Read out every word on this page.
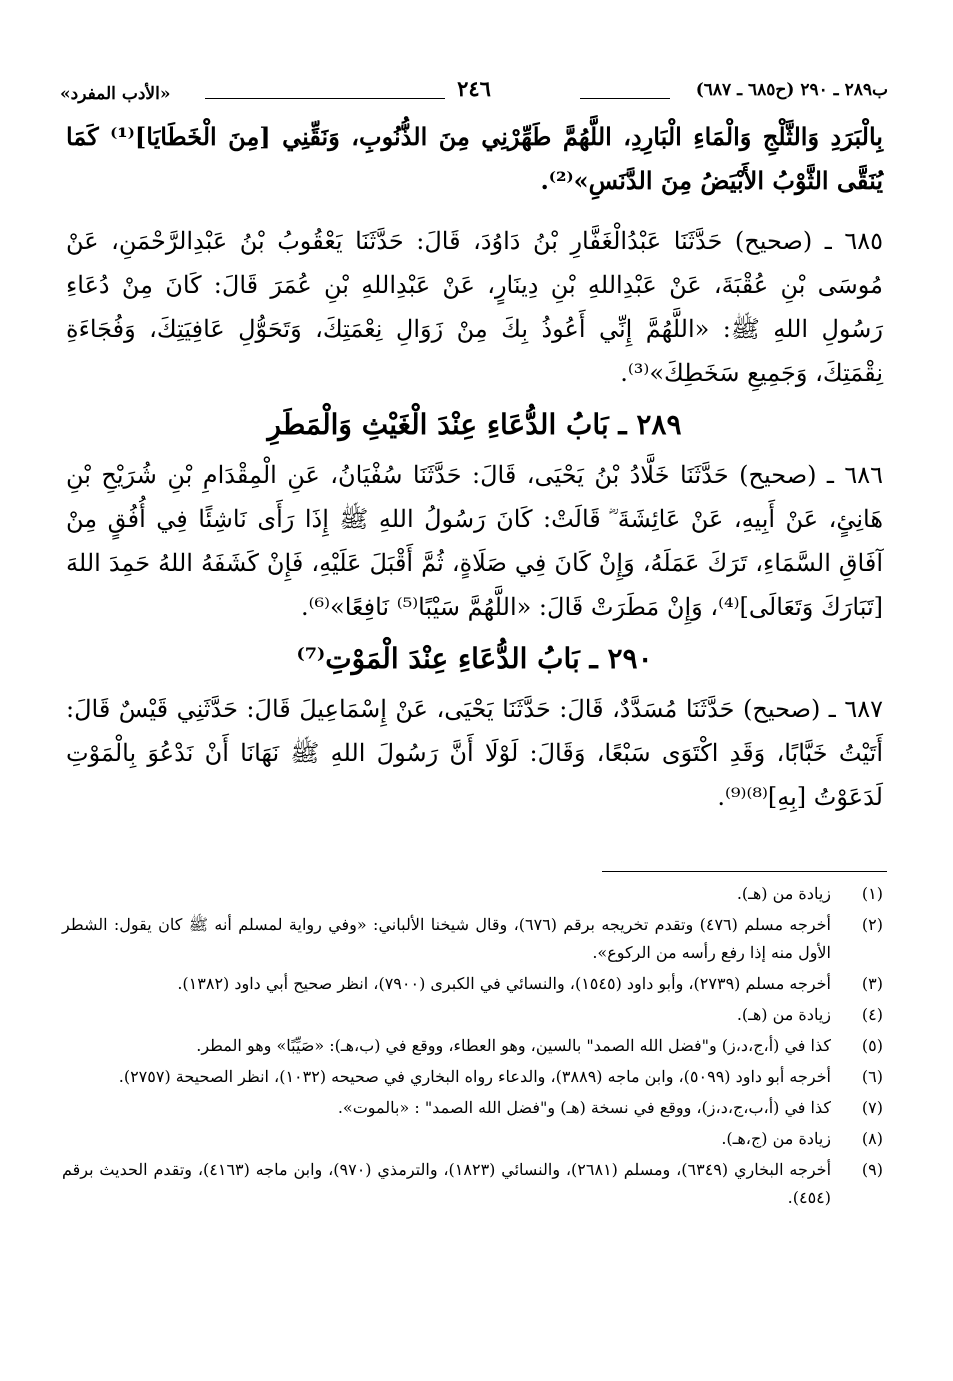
ب٢٨٩ ـ ٢٩٠ (ح٦٨٥ ـ ٦٨٧)
٢٤٦
«الأدب المفرد»

بِالْبَرَدِ وَالثَّلْجِ وَالْمَاءِ الْبَارِدِ، اللَّهُمَّ طَهِّرْنِي مِنَ الذُّنُوبِ، وَنَقِّنِي [مِنَ الْخَطَايَا]⁽¹⁾ كَمَا يُنَقَّى الثَّوْبُ الأَبْيَضُ مِنَ الدَّنَسِ»⁽²⁾.

٦٨٥ ـ (صحيح) حَدَّثَنَا عَبْدُالْغَفَّارِ بْنُ دَاوُدَ، قَالَ: حَدَّثَنَا يَعْقُوبُ بْنُ عَبْدِالرَّحْمَنِ، عَنْ مُوسَى بْنِ عُقْبَةَ، عَنْ عَبْدِاللهِ بْنِ دِينَارٍ، عَنْ عَبْدِاللهِ بْنِ عُمَرَ قَالَ: كَانَ مِنْ دُعَاءِ رَسُولِ اللهِ ﷺ: «اللَّهُمَّ إِنِّي أَعُوذُ بِكَ مِنْ زَوَالِ نِعْمَتِكَ، وَتَحَوُّلِ عَافِيَتِكَ، وَفُجَاءَةِ نِقْمَتِكَ، وَجَمِيعِ سَخَطِكَ»⁽³⁾.

٢٨٩ ـ بَابُ الدُّعَاءِ عِنْدَ الْغَيْثِ وَالْمَطَرِ

٦٨٦ ـ (صحيح) حَدَّثَنَا خَلَّادُ بْنُ يَحْيَى، قَالَ: حَدَّثَنَا سُفْيَانُ، عَنِ الْمِقْدَامِ بْنِ شُرَيْحِ بْنِ هَانِئٍ، عَنْ أَبِيهِ، عَنْ عَائِشَةَ ؓ قَالَتْ: كَانَ رَسُولُ اللهِ ﷺ إِذَا رَأَى نَاشِئًا فِي أُفُقٍ مِنْ آفَاقِ السَّمَاءِ، تَرَكَ عَمَلَهُ، وَإِنْ كَانَ فِي صَلَاةٍ، ثُمَّ أَقْبَلَ عَلَيْهِ، فَإِنْ كَشَفَهُ اللهُ حَمِدَ اللهَ [تَبَارَكَ وَتَعَالَى]⁽⁴⁾، وَإِنْ مَطَرَتْ قَالَ: «اللَّهُمَّ سَيْبًا⁽⁵⁾ نَافِعًا»⁽⁶⁾.

٢٩٠ ـ بَابُ الدُّعَاءِ عِنْدَ الْمَوْتِ⁽⁷⁾

٦٨٧ ـ (صحيح) حَدَّثَنَا مُسَدَّدٌ، قَالَ: حَدَّثَنَا يَحْيَى، عَنْ إِسْمَاعِيلَ قَالَ: حَدَّثَنِي قَيْسٌ قَالَ: أَتَيْتُ خَبَّابًا، وَقَدِ اكْتَوَى سَبْعًا، وَقَالَ: لَوْلَا أَنَّ رَسُولَ اللهِ ﷺ نَهَانَا أَنْ نَدْعُوَ بِالْمَوْتِ لَدَعَوْتُ [بِهِ]⁽⁸⁾⁽⁹⁾.

(١)
زيادة من (هـ).
(٢)
أخرجه مسلم (٤٧٦) وتقدم تخريجه برقم (٦٧٦)، وقال شيخنا الألباني: «وفي رواية لمسلم أنه ﷺ كان يقول: الشطر الأول منه إذا رفع رأسه من الركوع».
(٣)
أخرجه مسلم (٢٧٣٩)، وأبو داود (١٥٤٥)، والنسائي في الكبرى (٧٩٠٠)، انظر صحيح أبي داود (١٣٨٢).
(٤)
زيادة من (هـ).
(٥)
كذا في (أ،ج،د،ز) و"فضل الله الصمد" بالسين، وهو العطاء، ووقع في (ب،هـ): «صَيِّبًا» وهو المطر.
(٦)
أخرجه أبو داود (٥٠٩٩)، وابن ماجه (٣٨٨٩)، والدعاء رواه البخاري في صحيحه (١٠٣٢)، انظر الصحيحة (٢٧٥٧).
(٧)
كذا في (أ،ب،ج،د،ز)، ووقع في نسخة (هـ) و"فضل الله الصمد" : «بالموت».
(٨)
زيادة من (ج،هـ).
(٩)
أخرجه البخاري (٦٣٤٩)، ومسلم (٢٦٨١)، والنسائي (١٨٢٣)، والترمذي (٩٧٠)، وابن ماجه (٤١٦٣)، وتقدم الحديث برقم (٤٥٤).
